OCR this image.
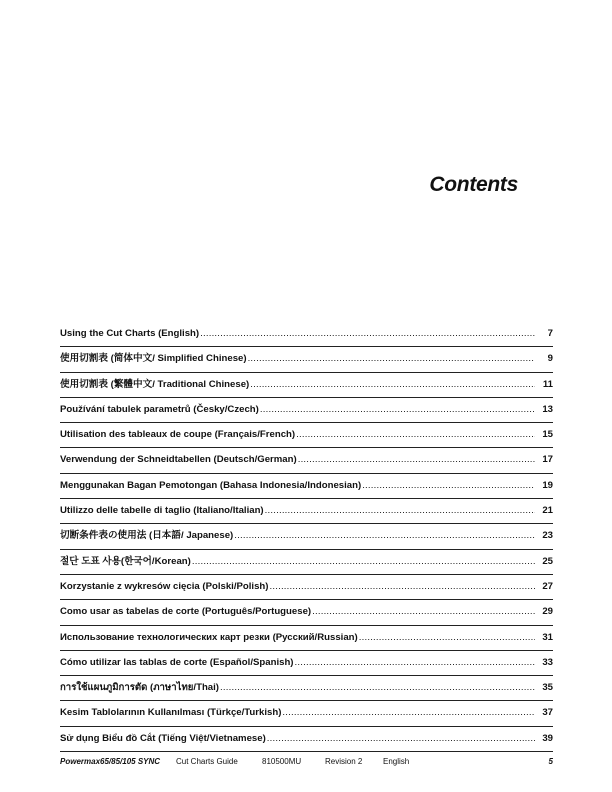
Contents
Using the Cut Charts (English) .....	7
使用切割表 (简体中文/ Simplified Chinese) .....	9
使用切割表 (繁體中文/ Traditional Chinese) .....	11
Používání tabulek parametrů (Česky/Czech) .....	13
Utilisation des tableaux de coupe (Français/French) .....	15
Verwendung der Schneidtabellen (Deutsch/German) .....	17
Menggunakan Bagan Pemotongan (Bahasa Indonesia/Indonesian) .....	19
Utilizzo delle tabelle di taglio (Italiano/Italian) .....	21
切断条件表の使用法 (日本語/ Japanese) .....	23
절단 도표 사용(한국어/Korean) .....	25
Korzystanie z wykresów cięcia (Polski/Polish) .....	27
Como usar as tabelas de corte (Português/Portuguese) .....	29
Использование технологических карт резки (Русский/Russian) .....	31
Cómo utilizar las tablas de corte (Español/Spanish) .....	33
การใช้แผนภูมิการตัด (ภาษาไทย/Thai) .....	35
Kesim Tablolarının Kullanılması (Türkçe/Turkish) .....	37
Sử dụng Biểu đồ Cắt (Tiếng Việt/Vietnamese) .....	39
Powermax65/85/105 SYNC Cut Charts Guide	810500MU	Revision 2	English	5
